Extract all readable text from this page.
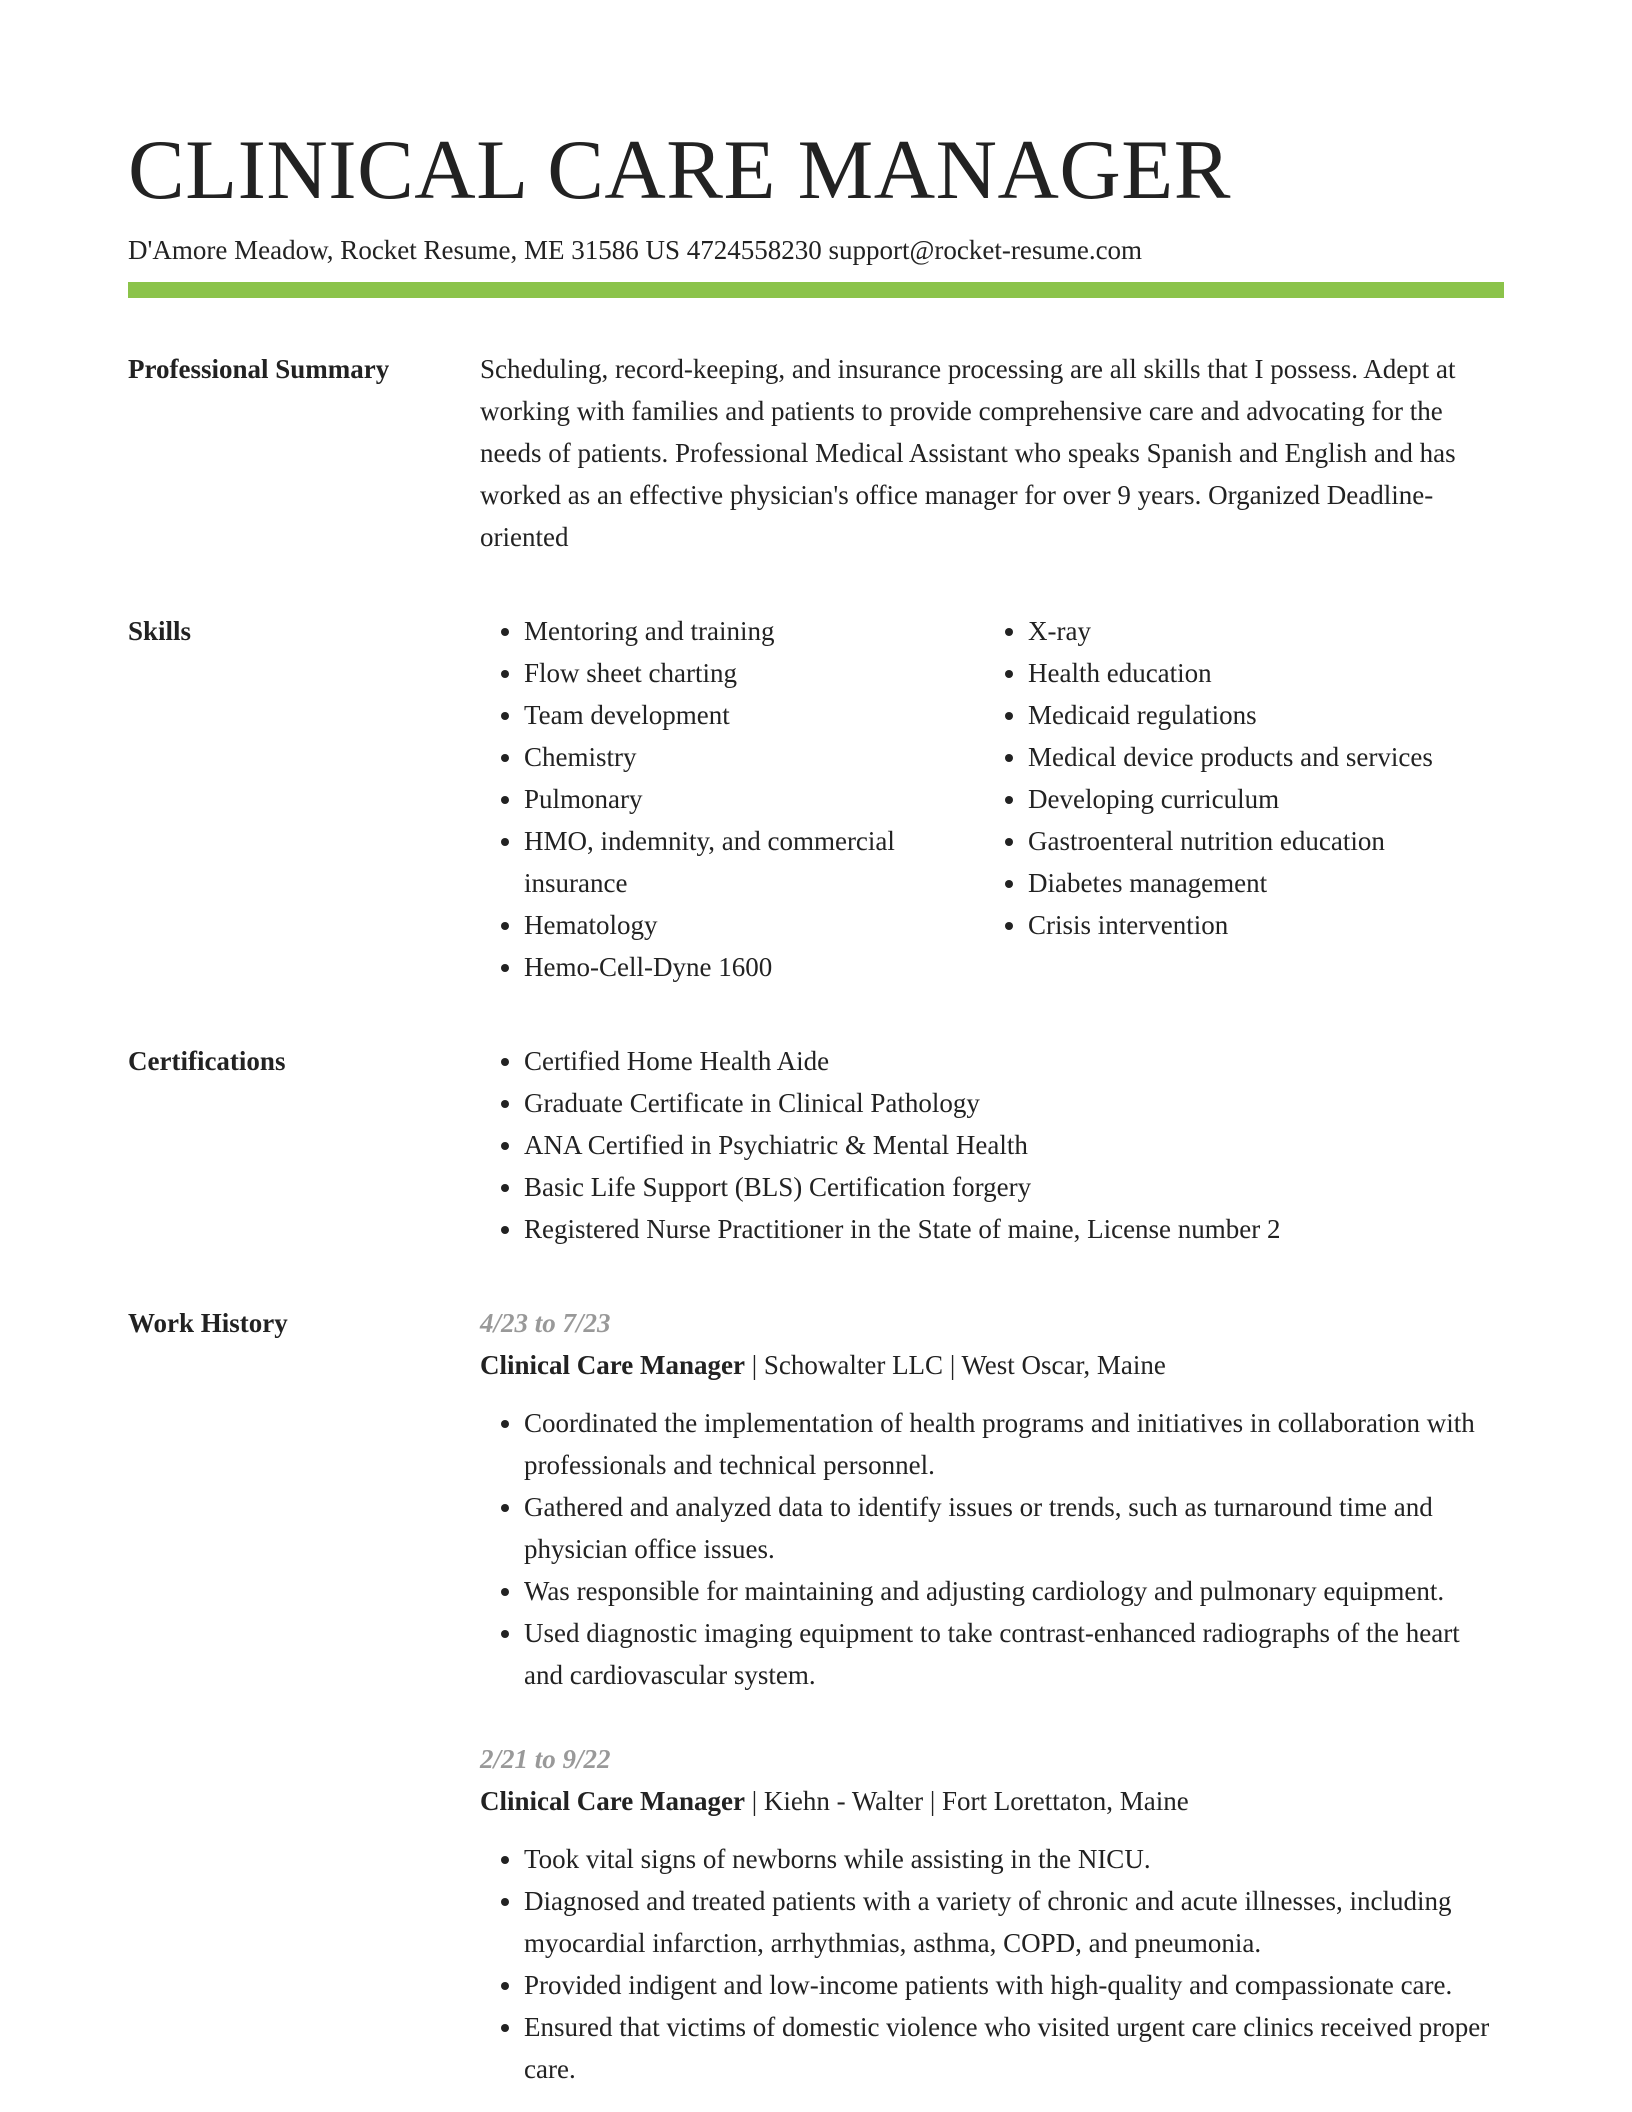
CLINICAL CARE MANAGER
D'Amore Meadow, Rocket Resume, ME 31586 US 4724558230 support@rocket-resume.com
Professional Summary	Scheduling, record-keeping, and insurance processing are all skills that I possess. Adept at working with families and patients to provide comprehensive care and advocating for the needs of patients. Professional Medical Assistant who speaks Spanish and English and has worked as an effective physician's office manager for over 9 years. Organized Deadline-oriented

Skills	• Mentoring and training
• Flow sheet charting
• Team development
• Chemistry
• Pulmonary
• HMO, indemnity, and commercial insurance
• Hematology
• Hemo-Cell-Dyne 1600
• X-ray
• Health education
• Medicaid regulations
• Medical device products and services
• Developing curriculum
• Gastroenteral nutrition education
• Diabetes management
• Crisis intervention
Certifications	• Certified Home Health Aide
• Graduate Certificate in Clinical Pathology
• ANA Certified in Psychiatric & Mental Health
• Basic Life Support (BLS) Certification forgery
• Registered Nurse Practitioner in the State of maine, License number 2
Work History	4/23 to 7/23

Clinical Care Manager | Schowalter LLC | West Oscar, Maine

• Coordinated the implementation of health programs and initiatives in collaboration with professionals and technical personnel.
• Gathered and analyzed data to identify issues or trends, such as turnaround time and physician office issues.
• Was responsible for maintaining and adjusting cardiology and pulmonary equipment.
• Used diagnostic imaging equipment to take contrast-enhanced radiographs of the heart and cardiovascular system.

2/21 to 9/22

Clinical Care Manager | Kiehn - Walter | Fort Lorettaton, Maine

• Took vital signs of newborns while assisting in the NICU.
• Diagnosed and treated patients with a variety of chronic and acute illnesses, including myocardial infarction, arrhythmias, asthma, COPD, and pneumonia.
• Provided indigent and low-income patients with high-quality and compassionate care.
• Ensured that victims of domestic violence who visited urgent care clinics received proper care.
